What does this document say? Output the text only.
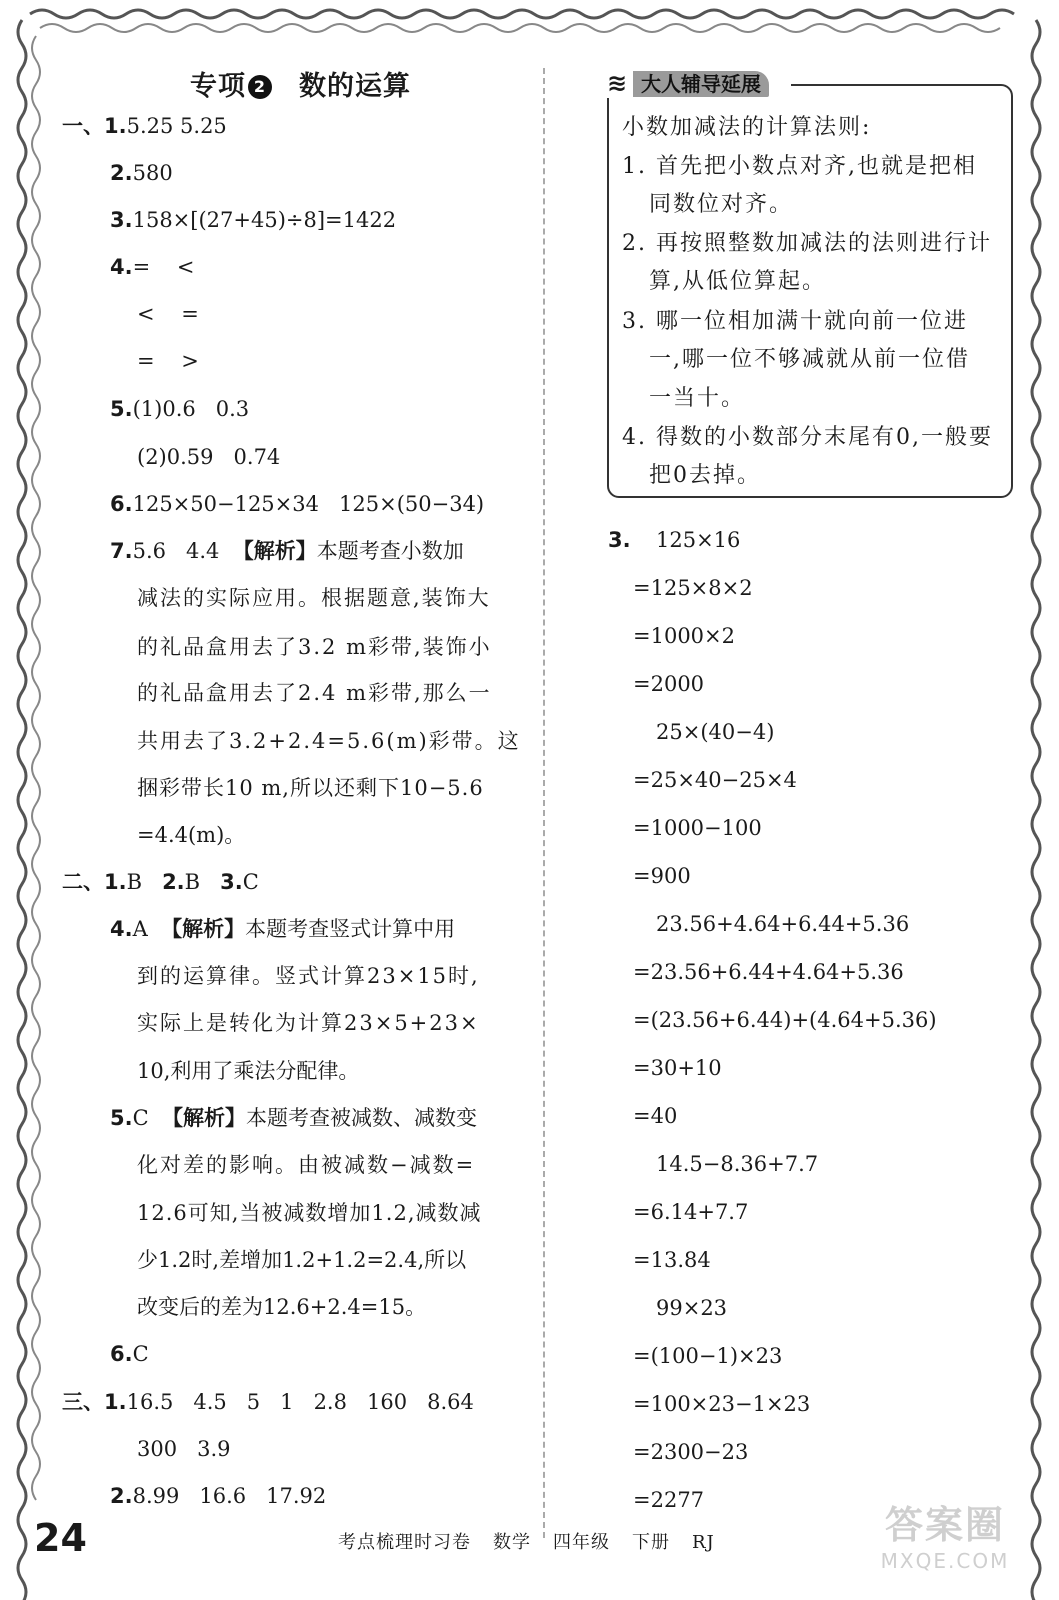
专项 2 数的运算
一、1.5.25 5.25
2.580
3.158×[(27+45)÷8]=1422
4.=    <
<    =
=    >
5.(1)0.6   0.3
(2)0.59   0.74
6.125×50−125×34   125×(50−34)
7.5.6   4.4  【解析】本题考查小数加
减法的实际应用。根据题意,装饰大
的礼品盒用去了3.2 m彩带,装饰小
的礼品盒用去了2.4 m彩带,那么一
共用去了3.2+2.4=5.6(m)彩带。这
捆彩带长10 m,所以还剩下10−5.6
=4.4(m)。
二、1.B   2.B   3.C
4.A  【解析】本题考查竖式计算中用
到的运算律。竖式计算23×15时,
实际上是转化为计算23×5+23×
10,利用了乘法分配律。
5.C  【解析】本题考查被减数、减数变
化对差的影响。由被减数−减数=
12.6可知,当被减数增加1.2,减数减
少1.2时,差增加1.2+1.2=2.4,所以
改变后的差为12.6+2.4=15。
6.C
三、1.16.5   4.5   5   1   2.8   160   8.64
300   3.9
2.8.99   16.6   17.92
≋ 大人辅导延展
小数加减法的计算法则:
1. 首先把小数点对齐,也就是把相
同数位对齐。
2. 再按照整数加减法的法则进行计
算,从低位算起。
3. 哪一位相加满十就向前一位进
一,哪一位不够减就从前一位借
一当十。
4. 得数的小数部分末尾有0,一般要
把0去掉。
3. 125×16
=125×8×2
=1000×2
=2000
25×(40−4)
=25×40−25×4
=1000−100
=900
23.56+4.64+6.44+5.36
=23.56+6.44+4.64+5.36
=(23.56+6.44)+(4.64+5.36)
=30+10
=40
14.5−8.36+7.7
=6.14+7.7
=13.84
99×23
=(100−1)×23
=100×23−1×23
=2300−23
=2277
24	考点梳理时习卷 数学 四年级 下册 RJ	答案圈
MXQE.COM
